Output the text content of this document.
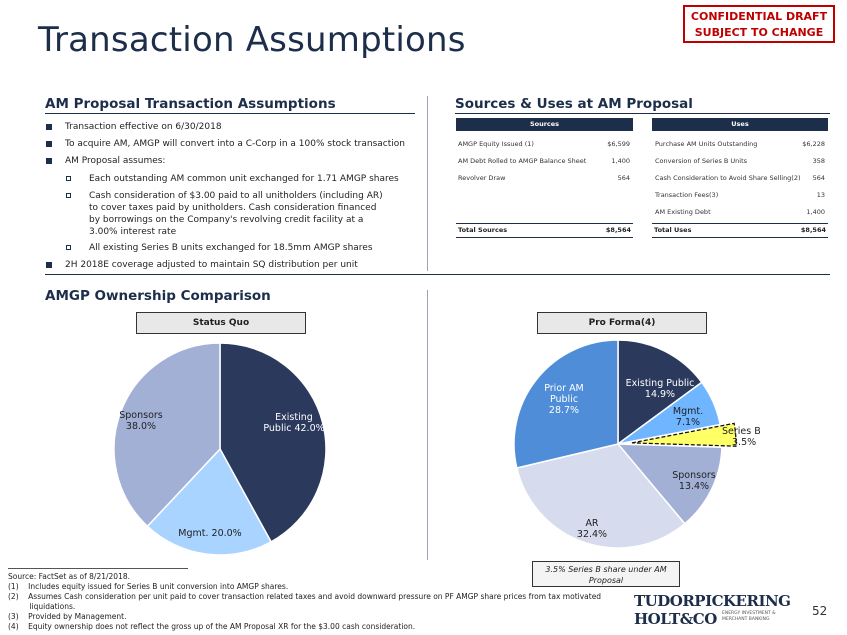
Transaction Assumptions
CONFIDENTIAL DRAFT
SUBJECT TO CHANGE
AM Proposal Transaction Assumptions
Transaction effective on 6/30/2018
To acquire AM, AMGP will convert into a C-Corp in a 100% stock transaction
AM Proposal assumes:
Each outstanding AM common unit exchanged for 1.71 AMGP shares
Cash consideration of $3.00 paid to all unitholders (including AR) to cover taxes paid by unitholders. Cash consideration financed by borrowings on the Company's revolving credit facility at a 3.00% interest rate
All existing Series B units exchanged for 18.5mm AMGP shares
2H 2018E coverage adjusted to maintain SQ distribution per unit
Sources & Uses at AM Proposal
Sources	Uses
AMGP Equity Issued (1)	$6,599
AM Debt Rolled to AMGP Balance Sheet	1,400
Revolver Draw	564
Purchase AM Units Outstanding	$6,228
Conversion of Series B Units	358
Cash Consideration to Avoid Share Selling(2) 564
Transaction Fees(3)	13
AM Existing Debt	1,400
Total Sources	$8,564	Total Uses	$8,564
AMGP Ownership Comparison
Status Quo	Pro Forma(4)
Existing
Public 42.0%
Mgmt. 20.0%
Sponsors
38.0%
Existing Public
14.9%
Mgmt.
7.1%
Series B
3.5%
Sponsors
13.4%
AR
32.4%
Prior AM
Public
28.7%
3.5% Series B share under AM Proposal
Source: FactSet as of 8/21/2018.
(1)    Includes equity issued for Series B unit conversion into AMGP shares.
(2)    Assumes Cash consideration per unit paid to cover transaction related taxes and avoid downward pressure on PF AMGP share prices from tax motivated
liquidations.
(3)    Provided by Management.
(4)    Equity ownership does not reflect the gross up of the AM Proposal XR for the $3.00 cash consideration.
TUDORPICKERING
HOLT&CO ENERGY INVESTMENT &
MERCHANT BANKING
52
